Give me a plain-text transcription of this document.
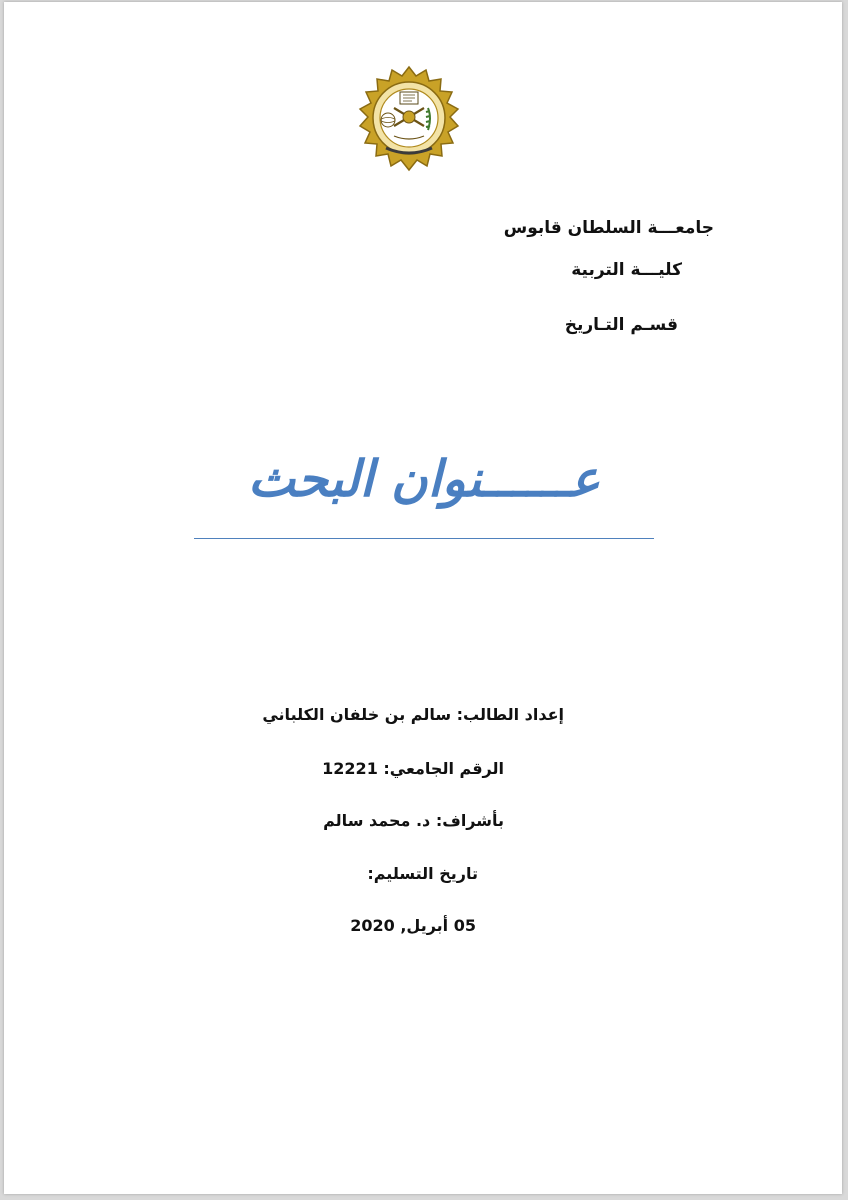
جامعـــة السلطان قابوس
كليـــة التربية
قسـم التـاريخ
عــــــنوان البحث
إعداد الطالب: سالم بن خلفان الكلباني
الرقم الجامعي: 12221
بأشراف: د. محمد سالم
تاريخ التسليم:
05 أبريل, 2020
